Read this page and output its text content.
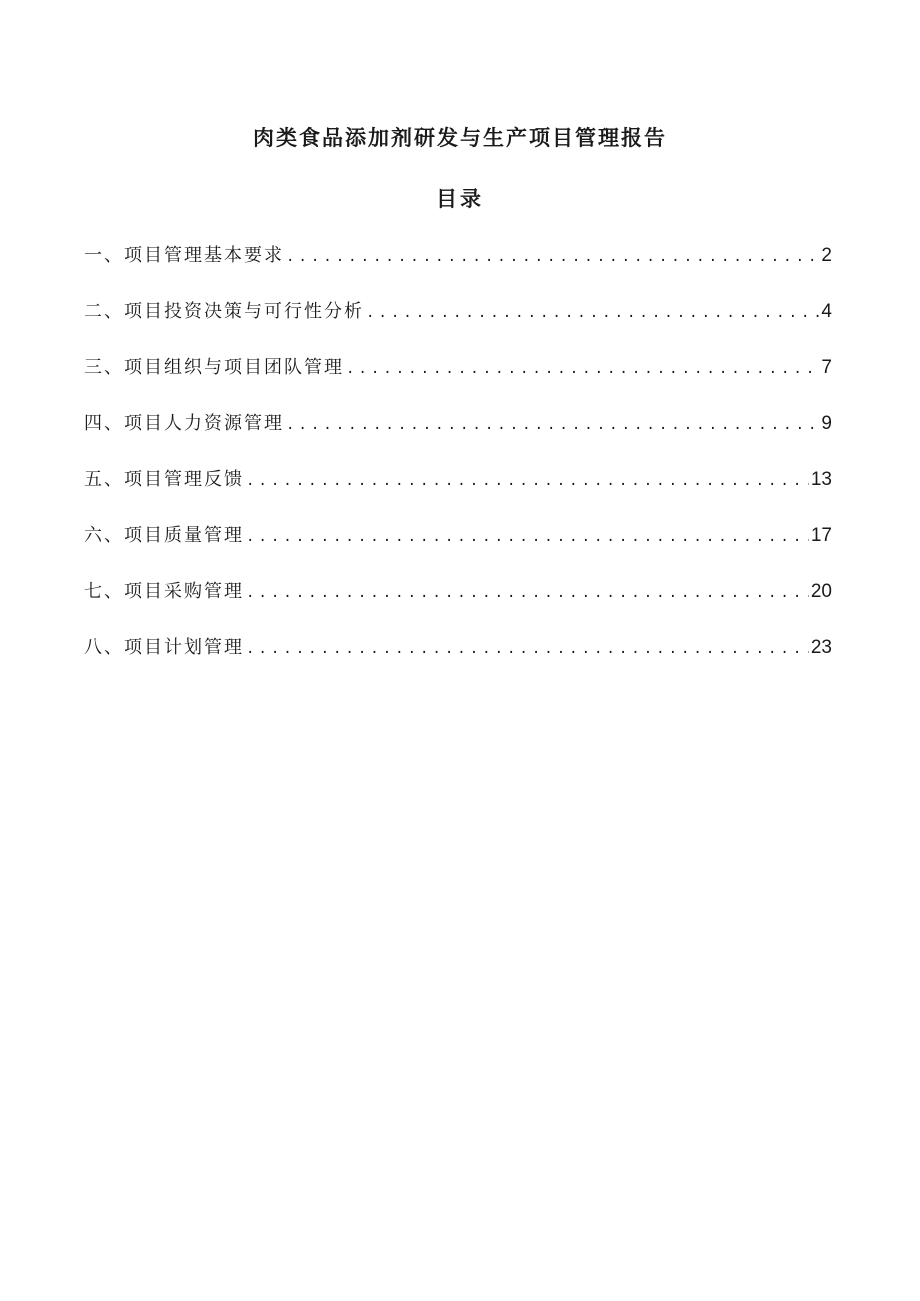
肉类食品添加剂研发与生产项目管理报告
目录
一、项目管理基本要求 .....	2
二、项目投资决策与可行性分析 .....	4
三、项目组织与项目团队管理 .....	7
四、项目人力资源管理 .....	9
五、项目管理反馈 .....	13
六、项目质量管理 .....	17
七、项目采购管理 .....	20
八、项目计划管理 .....	23
